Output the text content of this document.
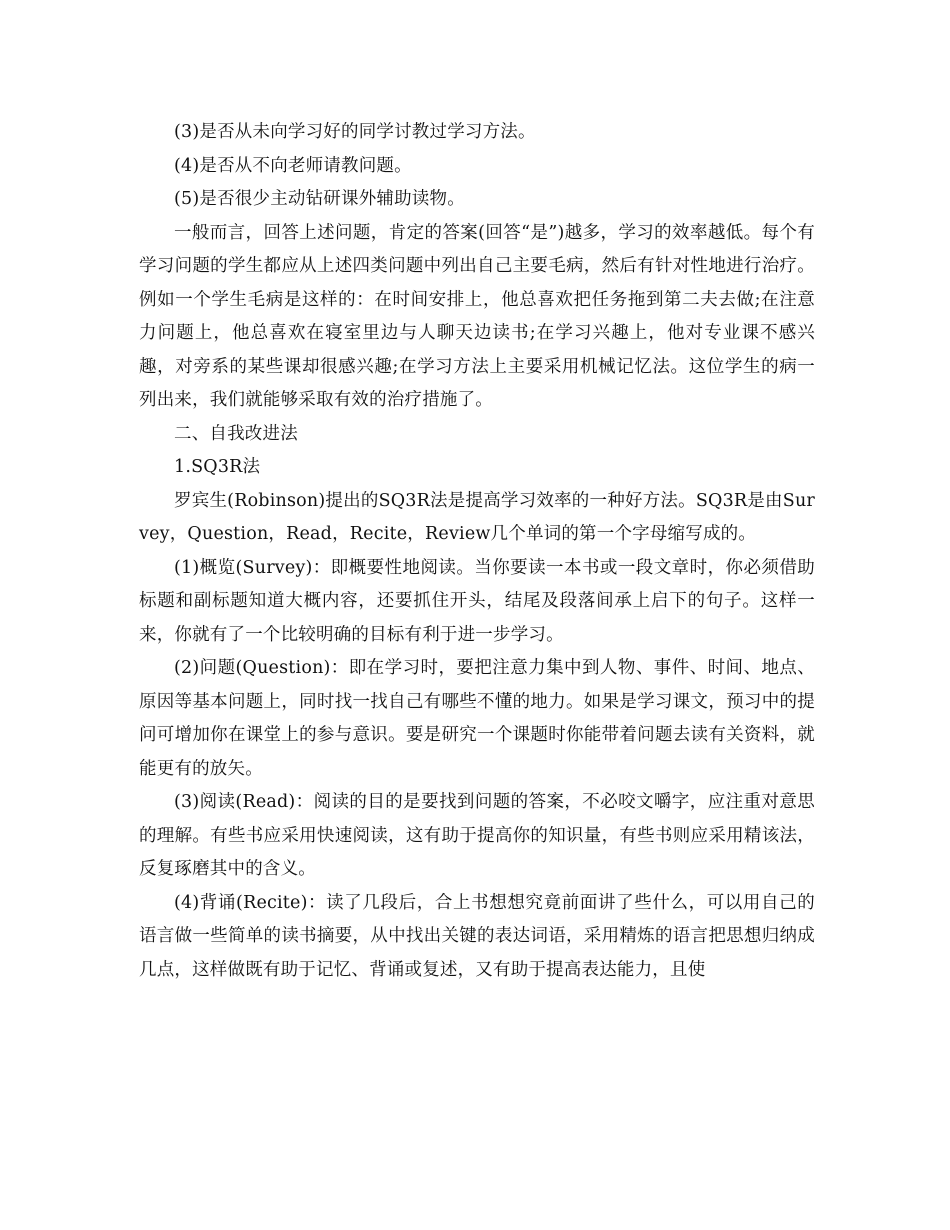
(3)是否从未向学习好的同学讨教过学习方法。

(4)是否从不向老师请教问题。

(5)是否很少主动钻研课外辅助读物。

一般而言，回答上述问题，肯定的答案(回答“是”)越多，学习的效率越低。每个有学习问题的学生都应从上述四类问题中列出自己主要毛病，然后有针对性地进行治疗。例如一个学生毛病是这样的：在时间安排上，他总喜欢把任务拖到第二夫去做;在注意力问题上，他总喜欢在寝室里边与人聊天边读书;在学习兴趣上，他对专业课不感兴趣，对旁系的某些课却很感兴趣;在学习方法上主要采用机械记忆法。这位学生的病一列出来，我们就能够采取有效的治疗措施了。

二、自我改进法

1.SQ3R法

罗宾生(Robinson)提出的SQ3R法是提高学习效率的一种好方法。SQ3R是由Survey，Question，Read，Recite，Review几个单词的第一个字母缩写成的。

(1)概览(Survey)：即概要性地阅读。当你要读一本书或一段文章时，你必须借助标题和副标题知道大概内容，还要抓住开头，结尾及段落间承上启下的句子。这样一来，你就有了一个比较明确的目标有利于进一步学习。

(2)问题(Question)：即在学习时，要把注意力集中到人物、事件、时间、地点、原因等基本问题上，同时找一找自己有哪些不懂的地力。如果是学习课文，预习中的提问可增加你在课堂上的参与意识。要是研究一个课题时你能带着问题去读有关资料，就能更有的放矢。

(3)阅读(Read)：阅读的目的是要找到问题的答案，不必咬文嚼字，应注重对意思的理解。有些书应采用快速阅读，这有助于提高你的知识量，有些书则应采用精该法，反复琢磨其中的含义。

(4)背诵(Recite)：读了几段后，合上书想想究竟前面讲了些什么，可以用自己的语言做一些简单的读书摘要，从中找出关键的表达词语，采用精炼的语言把思想归纳成几点，这样做既有助于记忆、背诵或复述，又有助于提高表达能力，且使
